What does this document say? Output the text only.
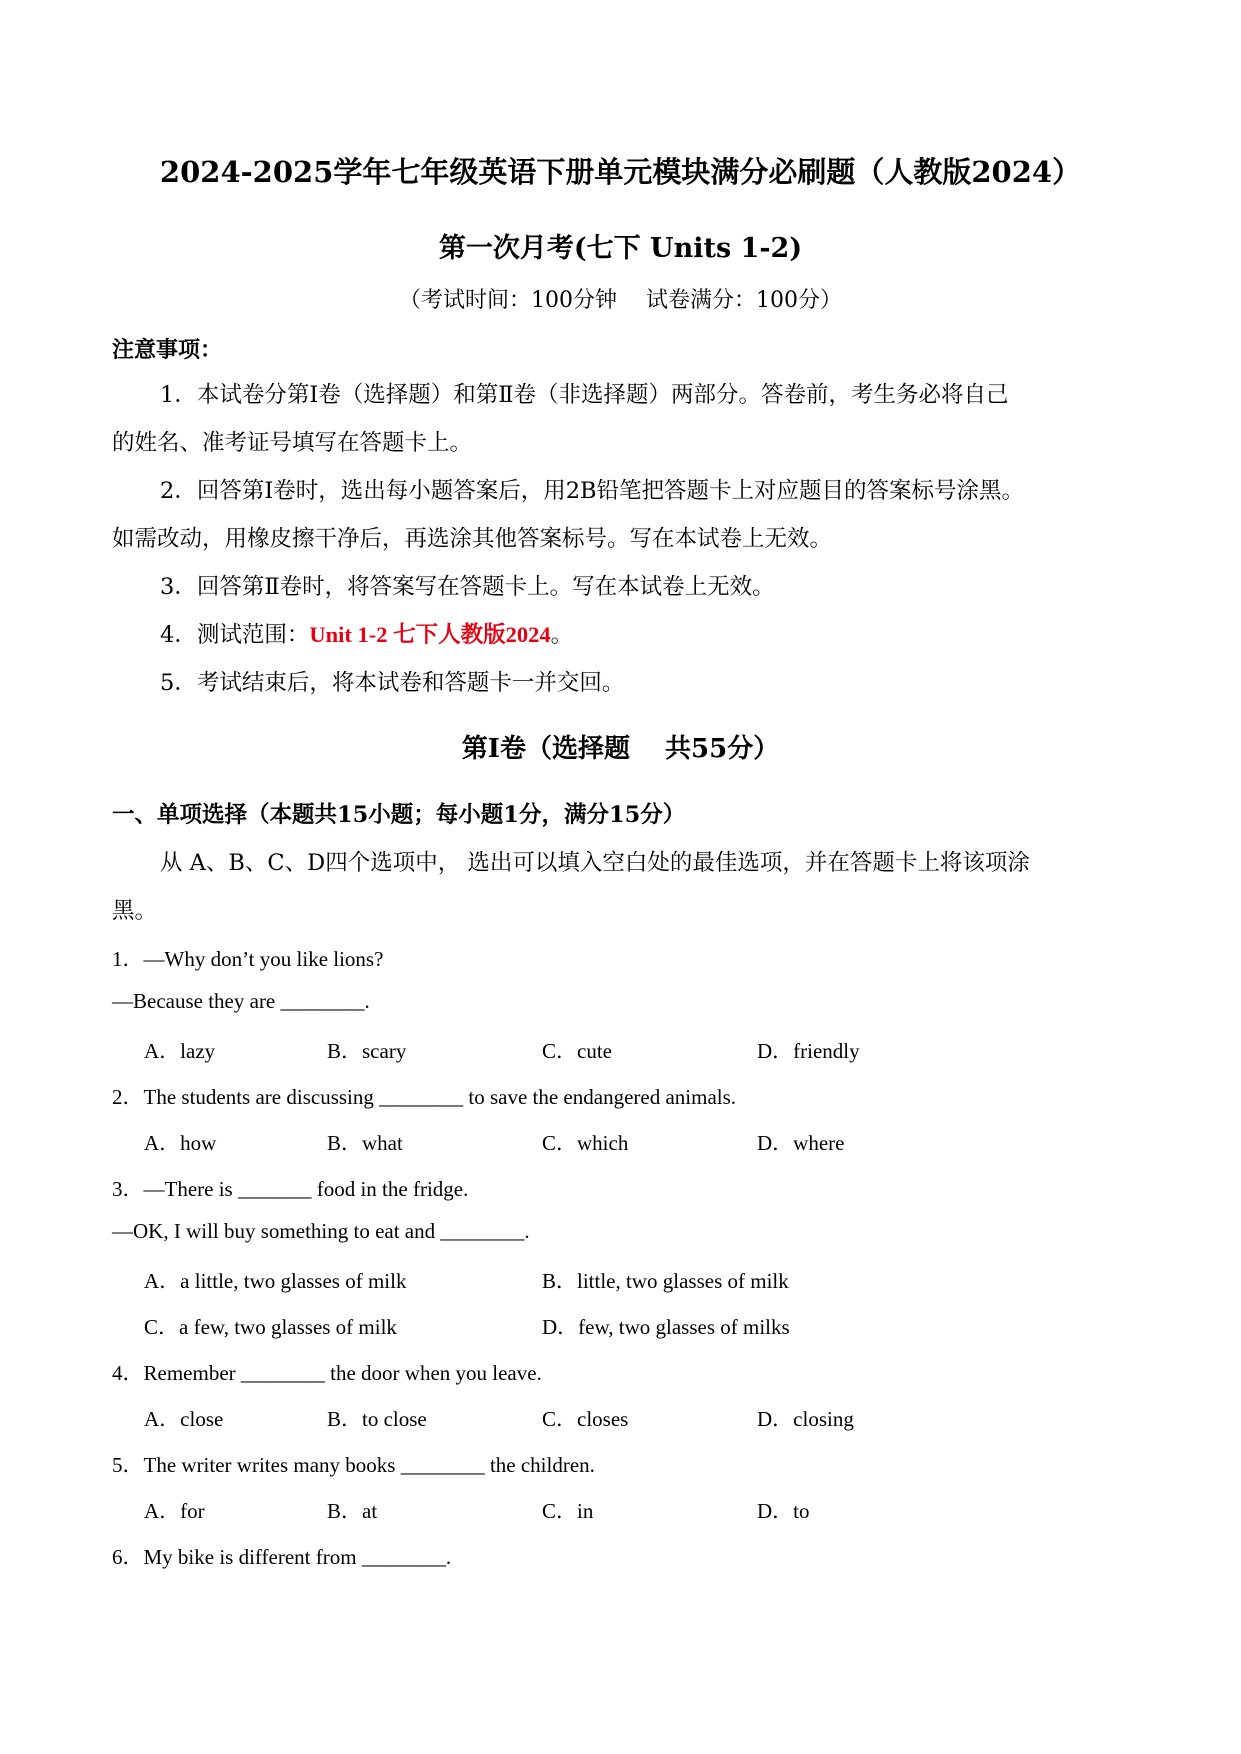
2024-2025学年七年级英语下册单元模块满分必刷题（人教版2024）
第一次月考(七下 Units 1-2)
（考试时间：100分钟　 试卷满分：100分）
注意事项：
1．本试卷分第Ⅰ卷（选择题）和第Ⅱ卷（非选择题）两部分。答卷前，考生务必将自己
的姓名、准考证号填写在答题卡上。
2．回答第Ⅰ卷时，选出每小题答案后，用2B铅笔把答题卡上对应题目的答案标号涂黑。
如需改动，用橡皮擦干净后，再选涂其他答案标号。写在本试卷上无效。
3．回答第Ⅱ卷时，将答案写在答题卡上。写在本试卷上无效。
4．测试范围：Unit 1-2 七下人教版2024。
5．考试结束后，将本试卷和答题卡一并交回。
第Ⅰ卷（选择题　 共55分）
一、单项选择（本题共15小题；每小题1分，满分15分）
从 A、B、C、D四个选项中， 选出可以填入空白处的最佳选项，并在答题卡上将该项涂
黑。
1．—Why don’t you like lions?
—Because they are ________.
A．lazy	B．scary	C．cute	D．friendly
2．The students are discussing ________ to save the endangered animals.
A．how	B．what	C．which	D．where
3．—There is _______ food in the fridge.
—OK, I will buy something to eat and ________.
A．a little, two glasses of milk	B．little, two glasses of milk
C．a few, two glasses of milk	D．few, two glasses of milks
4．Remember ________ the door when you leave.
A．close	B．to close	C．closes	D．closing
5．The writer writes many books ________ the children.
A．for	B．at	C．in	D．to
6．My bike is different from ________.
